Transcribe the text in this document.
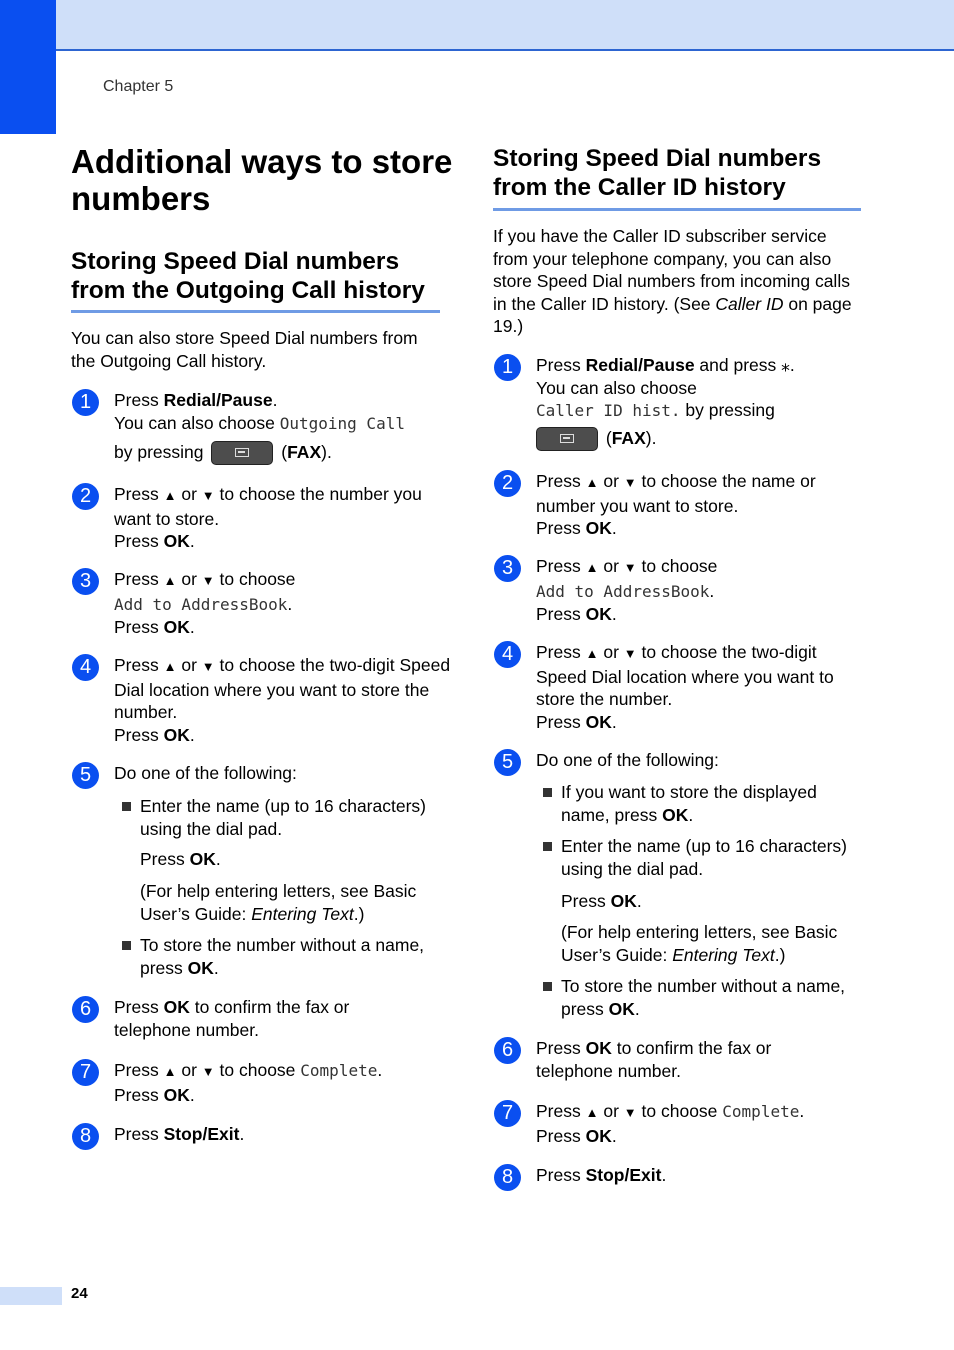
Chapter 5
Additional ways to store numbers
Storing Speed Dial numbers from the Outgoing Call history
You can also store Speed Dial numbers from the Outgoing Call history.
1	Press Redial/Pause.
You can also choose Outgoing Call

by pressing	(FAX).
2	Press ▲ or ▼ to choose the number you want to store.
Press OK.
3	Press ▲ or ▼ to choose
Add to AddressBook.
Press OK.
4	Press ▲ or ▼ to choose the two-digit Speed Dial location where you want to store the number.
Press OK.
5	Do one of the following:
Enter the name (up to 16 characters) using the dial pad.
Press OK.
(For help entering letters, see Basic User’s Guide: Entering Text.)
To store the number without a name, press OK.
6	Press OK to confirm the fax or telephone number.
7	Press ▲ or ▼ to choose Complete.
Press OK.
8	Press Stop/Exit.
Storing Speed Dial numbers from the Caller ID history
If you have the Caller ID subscriber service from your telephone company, you can also store Speed Dial numbers from incoming calls in the Caller ID history. (See Caller ID on page 19.)
1	Press Redial/Pause and press ⁎.
You can also choose
Caller ID hist. by pressing

(FAX).
2	Press ▲ or ▼ to choose the name or number you want to store.
Press OK.
3	Press ▲ or ▼ to choose
Add to AddressBook.
Press OK.
4	Press ▲ or ▼ to choose the two-digit Speed Dial location where you want to store the number.
Press OK.
5	Do one of the following:
If you want to store the displayed name, press OK.
Enter the name (up to 16 characters) using the dial pad.
Press OK.
(For help entering letters, see Basic User’s Guide: Entering Text.)
To store the number without a name, press OK.
6	Press OK to confirm the fax or telephone number.
7	Press ▲ or ▼ to choose Complete.
Press OK.
8	Press Stop/Exit.
24
